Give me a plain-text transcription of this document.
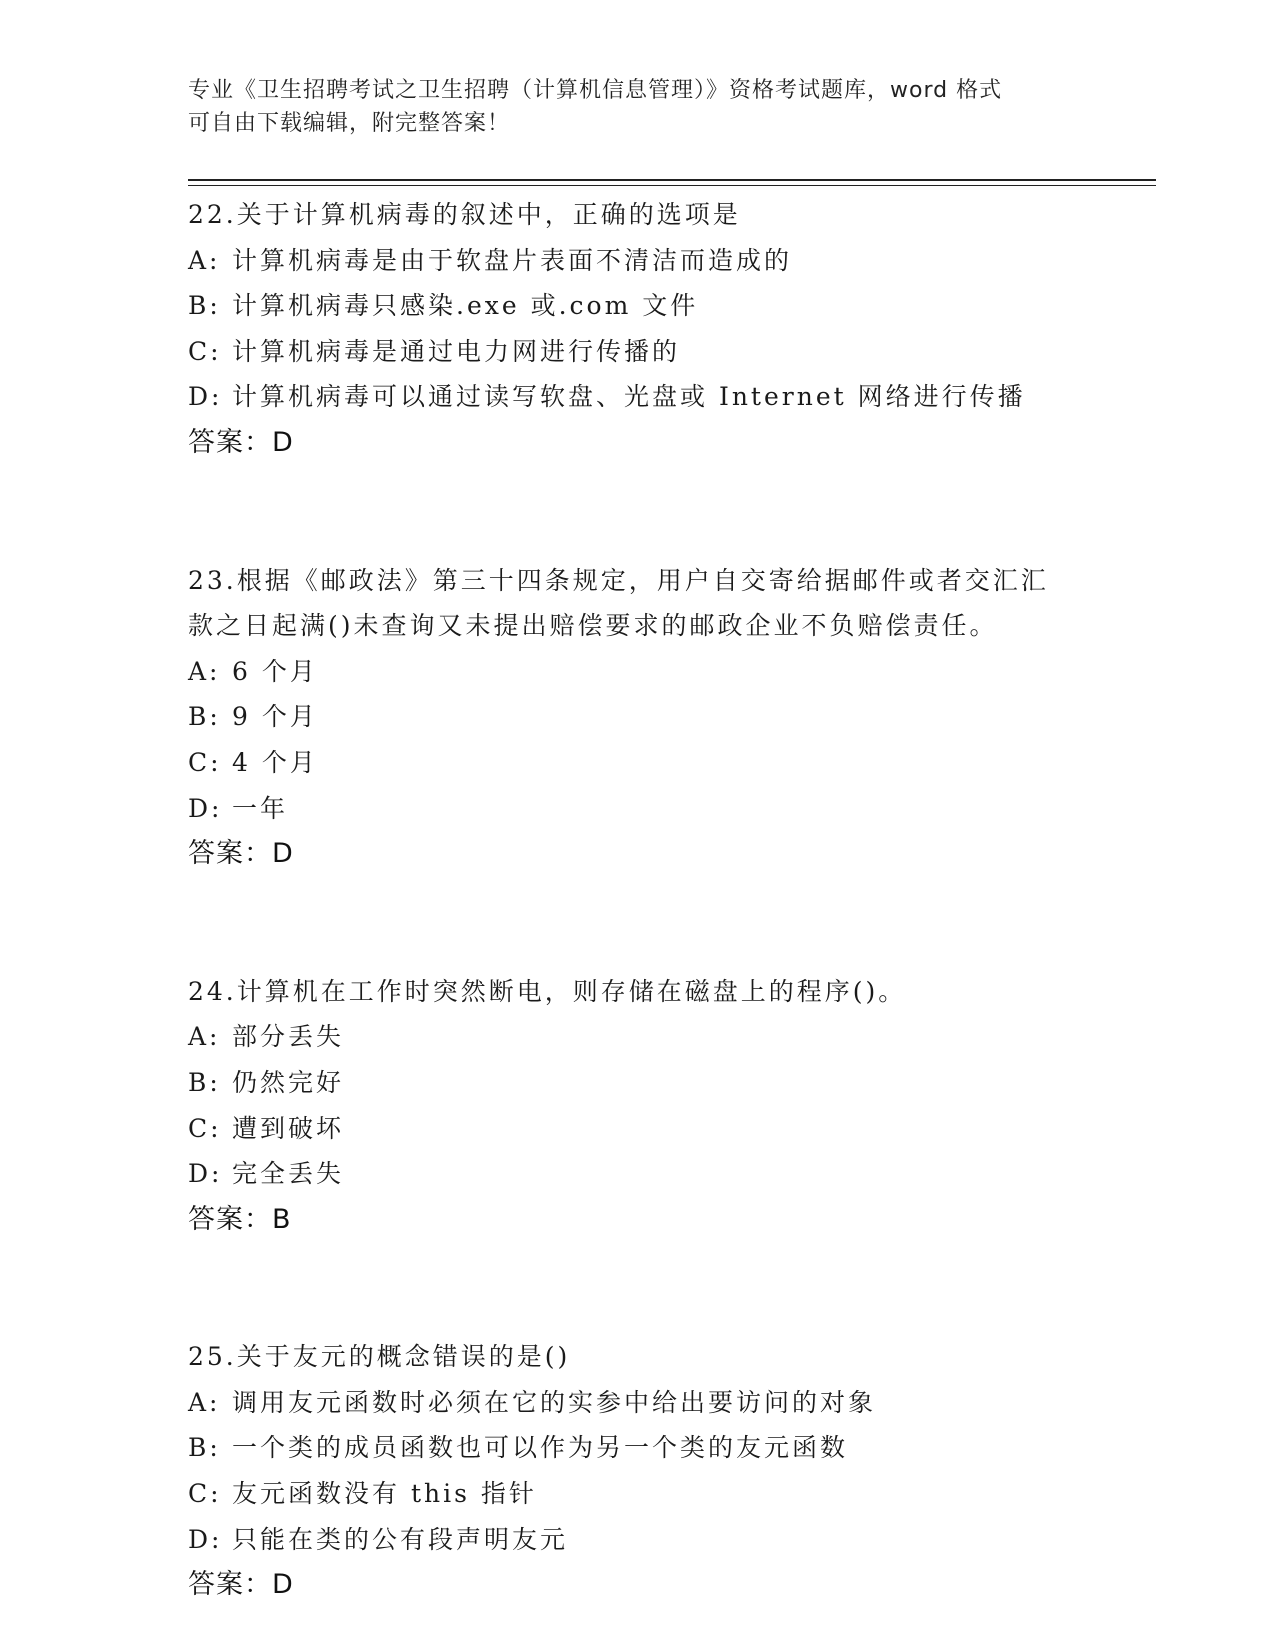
专业《卫生招聘考试之卫生招聘（计算机信息管理）》资格考试题库，word 格式
可自由下载编辑，附完整答案！
22.关于计算机病毒的叙述中，正确的选项是
A: 计算机病毒是由于软盘片表面不清洁而造成的
B: 计算机病毒只感染.exe 或.com 文件
C: 计算机病毒是通过电力网进行传播的
D: 计算机病毒可以通过读写软盘、光盘或 Internet 网络进行传播
答案：D
23.根据《邮政法》第三十四条规定，用户自交寄给据邮件或者交汇汇
款之日起满()未查询又未提出赔偿要求的邮政企业不负赔偿责任。
A: 6 个月
B: 9 个月
C: 4 个月
D: 一年
答案：D
24.计算机在工作时突然断电，则存储在磁盘上的程序()。
A: 部分丢失
B: 仍然完好
C: 遭到破坏
D: 完全丢失
答案：B
25.关于友元的概念错误的是()
A: 调用友元函数时必须在它的实参中给出要访问的对象
B: 一个类的成员函数也可以作为另一个类的友元函数
C: 友元函数没有 this 指针
D: 只能在类的公有段声明友元
答案：D
